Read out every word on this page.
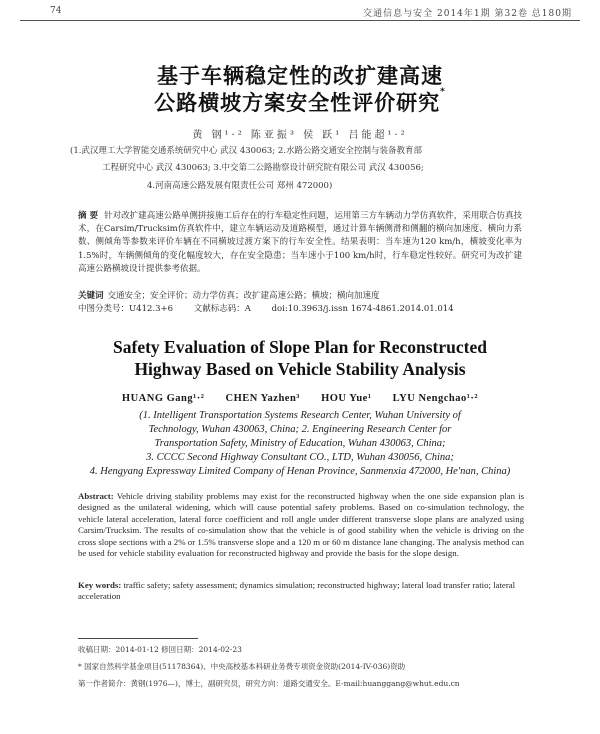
74	交通信息与安全 2014年1期 第32卷 总180期
基于车辆稳定性的改扩建高速
公路横坡方案安全性评价研究*
黄 钢¹·² 陈亚振³ 侯 跃¹ 吕能超¹·²
(1.武汉理工大学智能交通系统研究中心 武汉 430063; 2.水路公路交通安全控制与装备教育部
工程研究中心 武汉 430063; 3.中交第二公路勘察设计研究院有限公司 武汉 430056;
4.河南高速公路发展有限责任公司 郑州 472000)
摘 要 针对改扩建高速公路单侧拼接施工后存在的行车稳定性问题，运用第三方车辆动力学仿真软件，采用联合仿真技术，在Carsim/Trucksim仿真软件中，建立车辆运动及道路模型，通过计算车辆侧滑和侧翻的横向加速度、横向力系数、侧倾角等参数来评价车辆在不同横坡过渡方案下的行车安全性。结果表明：当车速为120 km/h，横坡变化率为1.5%时，车辆侧倾角的变化幅度较大，存在安全隐患；当车速小于100 km/h时，行车稳定性较好。研究可为改扩建高速公路横坡设计提供参考依据。
关键词 交通安全；安全评价；动力学仿真；改扩建高速公路；横坡；横向加速度
中图分类号：U412.3+6 文献标志码：A doi:10.3963/j.issn 1674-4861.2014.01.014
Safety Evaluation of Slope Plan for Reconstructed
Highway Based on Vehicle Stability Analysis
HUANG Gang¹·² CHEN Yazhen³ HOU Yue¹ LYU Nengchao¹·²
(1. Intelligent Transportation Systems Research Center, Wuhan University of
Technology, Wuhan 430063, China; 2. Engineering Research Center for
Transportation Safety, Ministry of Education, Wuhan 430063, China;
3. CCCC Second Highway Consultant CO., LTD, Wuhan 430056, China;
4. Hengyang Expressway Limited Company of Henan Province, Sanmenxia 472000, He'nan, China)
Abstract: Vehicle driving stability problems may exist for the reconstructed highway when the one side expansion plan is designed as the unilateral widening, which will cause potential safety problems. Based on co-simulation technology, the vehicle lateral acceleration, lateral force coefficient and roll angle under different transverse slope plans are analyzed using Carsim/Trucksim. The results of co-simulation show that the vehicle is of good stability when the vehicle is driving on the cross slope sections with a 2% or 1.5% transverse slope and a 120 m or 60 m distance lane changing. The analysis method can be used for vehicle stability evaluation for reconstructed highway and provide the basis for the slope design.
Key words: traffic safety; safety assessment; dynamics simulation; reconstructed highway; lateral load transfer ratio; lateral acceleration
收稿日期：2014-01-12 修回日期：2014-02-23
* 国家自然科学基金项目(51178364)、中央高校基本科研业务费专项资金资助(2014-IV-036)资助
第一作者简介：黄钢(1976—)，博士，副研究员，研究方向：道路交通安全。E-mail:huanggang@whut.edu.cn
